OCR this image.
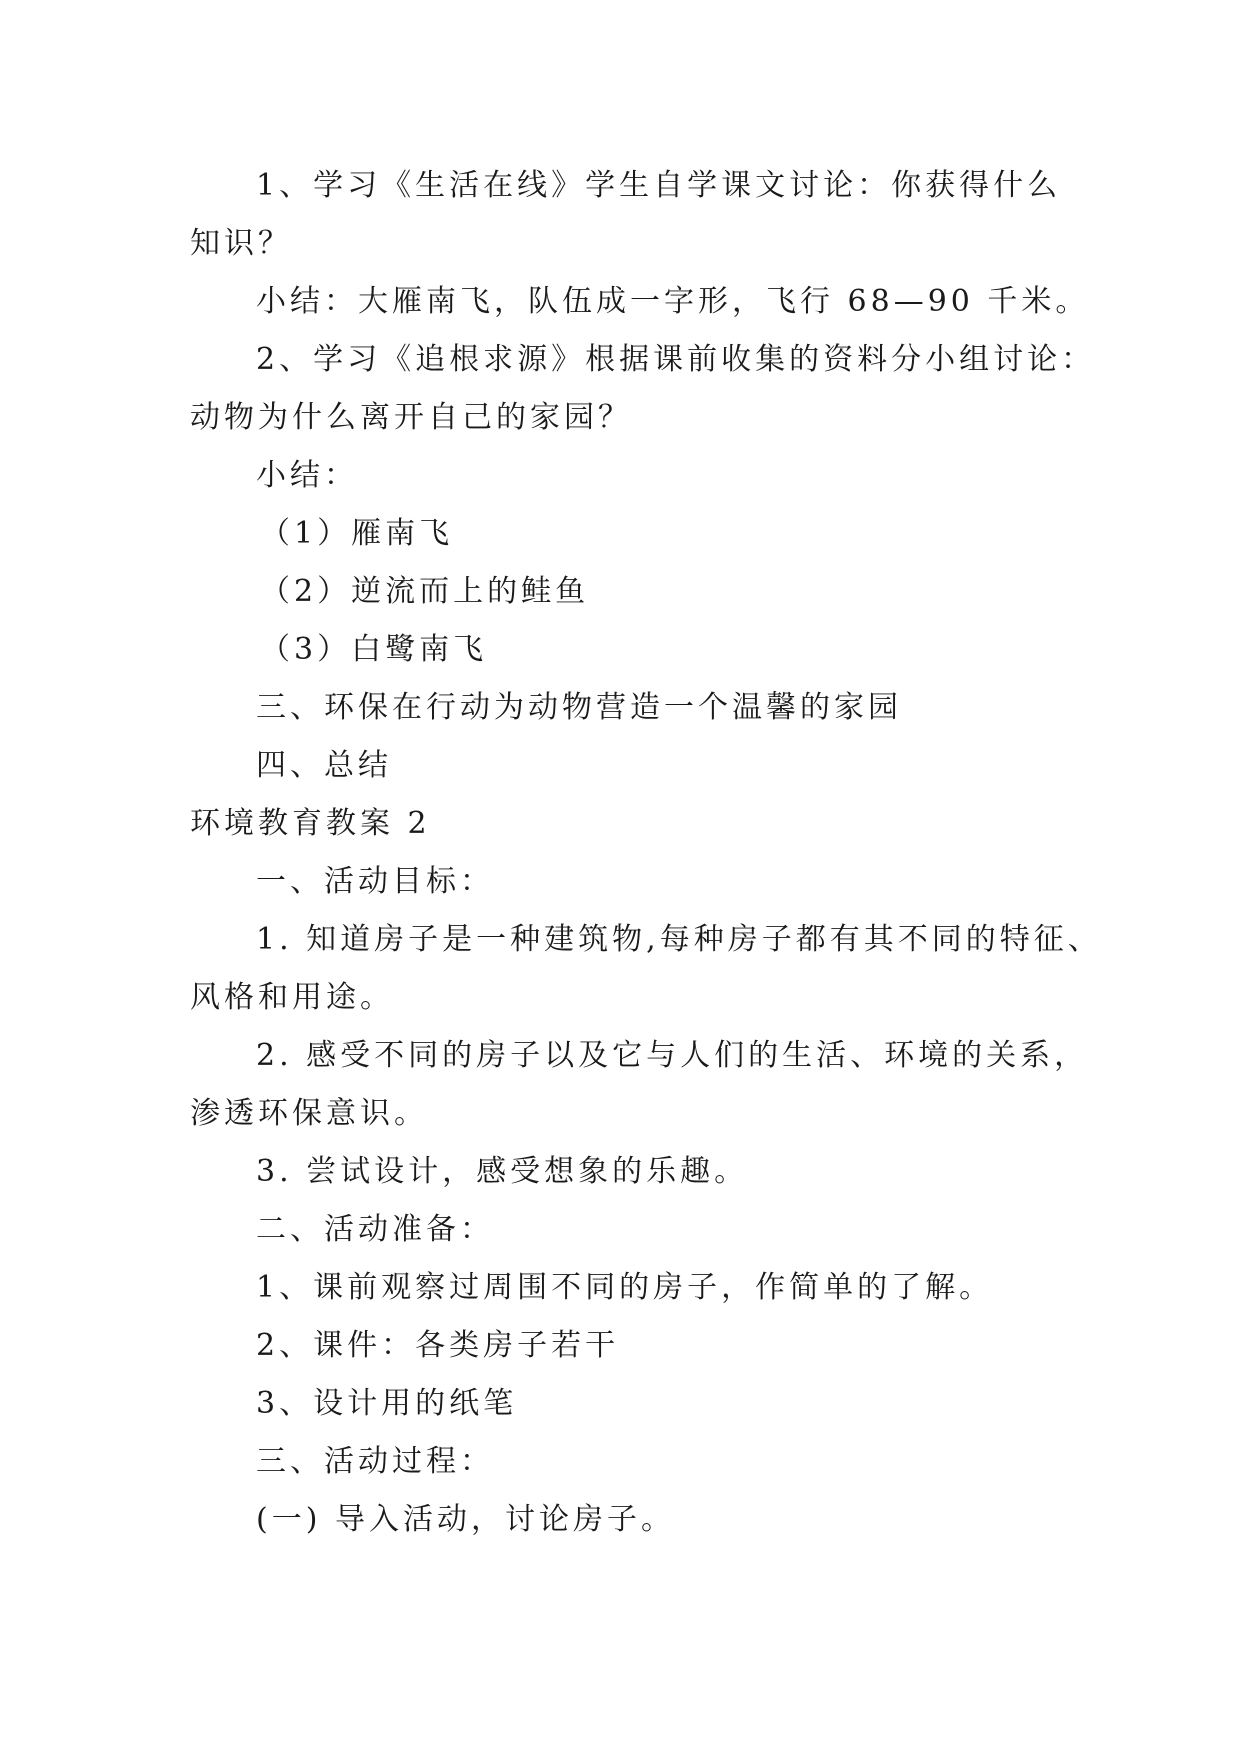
1、学习《生活在线》学生自学课文讨论：你获得什么
知识？
小结：大雁南飞，队伍成一字形，飞行 68—90 千米。
2、学习《追根求源》根据课前收集的资料分小组讨论：
动物为什么离开自己的家园？
小结：
（1）雁南飞
（2）逆流而上的鲑鱼
（3）白鹭南飞
三、环保在行动为动物营造一个温馨的家园
四、总结
环境教育教案 2
一、活动目标：
1. 知道房子是一种建筑物,每种房子都有其不同的特征、
风格和用途。
2. 感受不同的房子以及它与人们的生活、环境的关系，
渗透环保意识。
3. 尝试设计，感受想象的乐趣。
二、活动准备：
1、课前观察过周围不同的房子，作简单的了解。
2、课件：各类房子若干
3、设计用的纸笔
三、活动过程：
(一) 导入活动，讨论房子。
